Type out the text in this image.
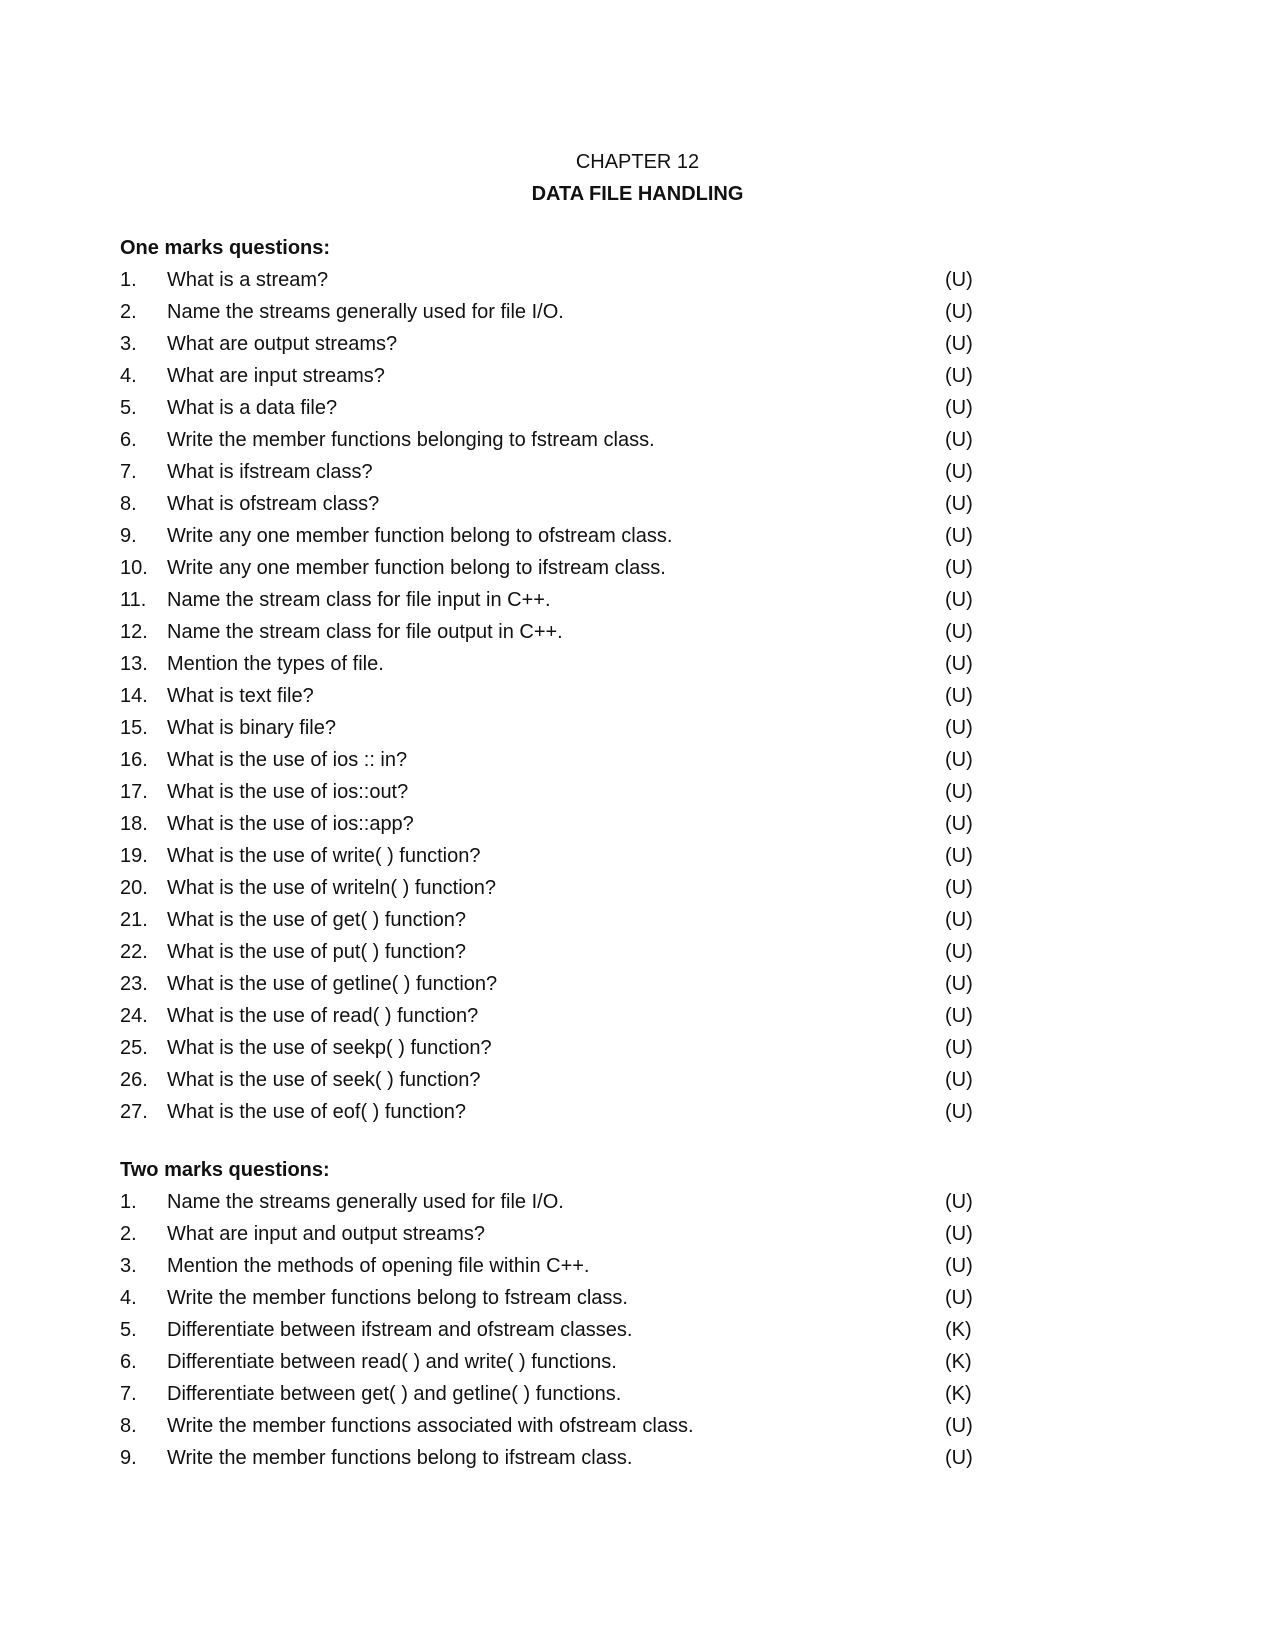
CHAPTER 12
DATA FILE HANDLING
One marks questions:
1. What is a stream?	(U)
2. Name the streams generally used for file I/O.	(U)
3. What are output streams?	(U)
4. What are input streams?	(U)
5. What is a data file?	(U)
6. Write the member functions belonging to fstream class.	(U)
7. What is ifstream class?	(U)
8. What is ofstream class?	(U)
9. Write any one member function belong to ofstream class.	(U)
10. Write any one member function belong to ifstream class.	(U)
11. Name the stream class for file input in C++.	(U)
12. Name the stream class for file output in C++.	(U)
13. Mention the types of file.	(U)
14. What is text file?	(U)
15. What is binary file?	(U)
16. What is the use of ios :: in?	(U)
17. What is the use of ios::out?	(U)
18. What is the use of ios::app?	(U)
19. What is the use of write( ) function?	(U)
20. What is the use of writeln( ) function?	(U)
21. What is the use of get( ) function?	(U)
22. What is the use of put( ) function?	(U)
23. What is the use of getline( ) function?	(U)
24. What is the use of read( ) function?	(U)
25. What is the use of seekp( ) function?	(U)
26. What is the use of seek( ) function?	(U)
27. What is the use of eof( ) function?	(U)
Two marks questions:
1. Name the streams generally used for file I/O.	(U)
2. What are input and output streams?	(U)
3. Mention the methods of opening file within C++.	(U)
4. Write the member functions belong to fstream class.	(U)
5. Differentiate between ifstream and ofstream classes.	(K)
6. Differentiate between read( ) and write( ) functions.	(K)
7. Differentiate between get( ) and getline( ) functions.	(K)
8. Write the member functions associated with ofstream class.	(U)
9. Write the member functions belong to ifstream class.	(U)
